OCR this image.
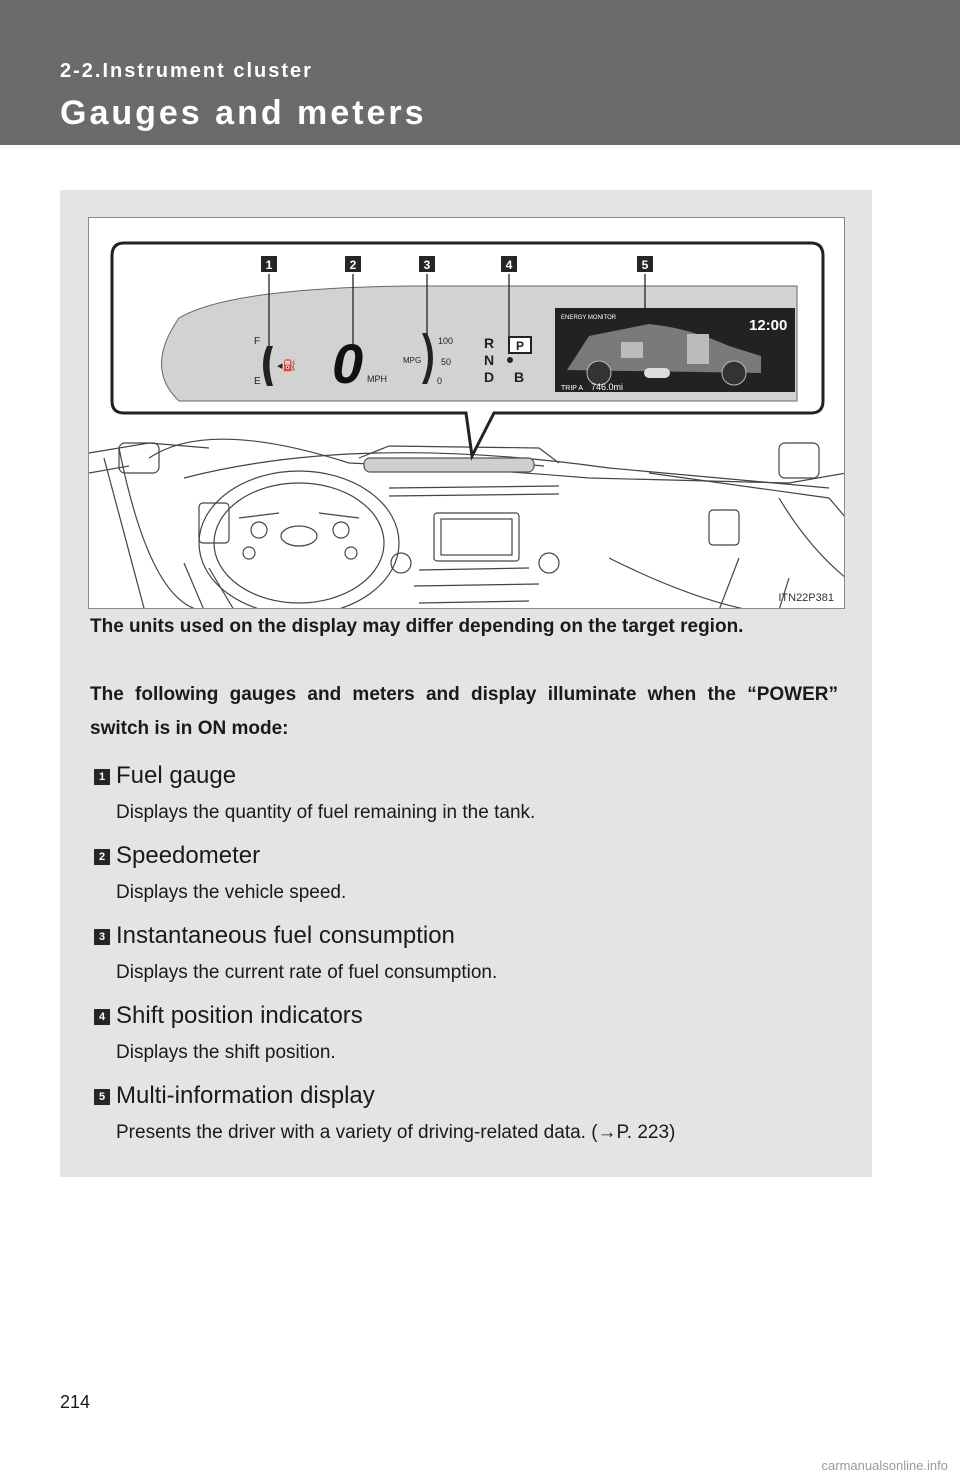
2-2.Instrument cluster
Gauges and meters
1	2	3	4	5
F
E
◂⛽ 0 MPH
MPG
100
50
0
R
N
D B
P
ENERGY MONITOR	12:00
TRIP A 746.0mi
ITN22P381
The units used on the display may differ depending on the target region.
The following gauges and meters and display illuminate when the “POWER” switch is in ON mode:
1 Fuel gauge
Displays the quantity of fuel remaining in the tank.
2 Speedometer
Displays the vehicle speed.
3 Instantaneous fuel consumption
Displays the current rate of fuel consumption.
4 Shift position indicators
Displays the shift position.
5 Multi-information display
Presents the driver with a variety of driving-related data. (→P. 223)
214
carmanualsonline.info
